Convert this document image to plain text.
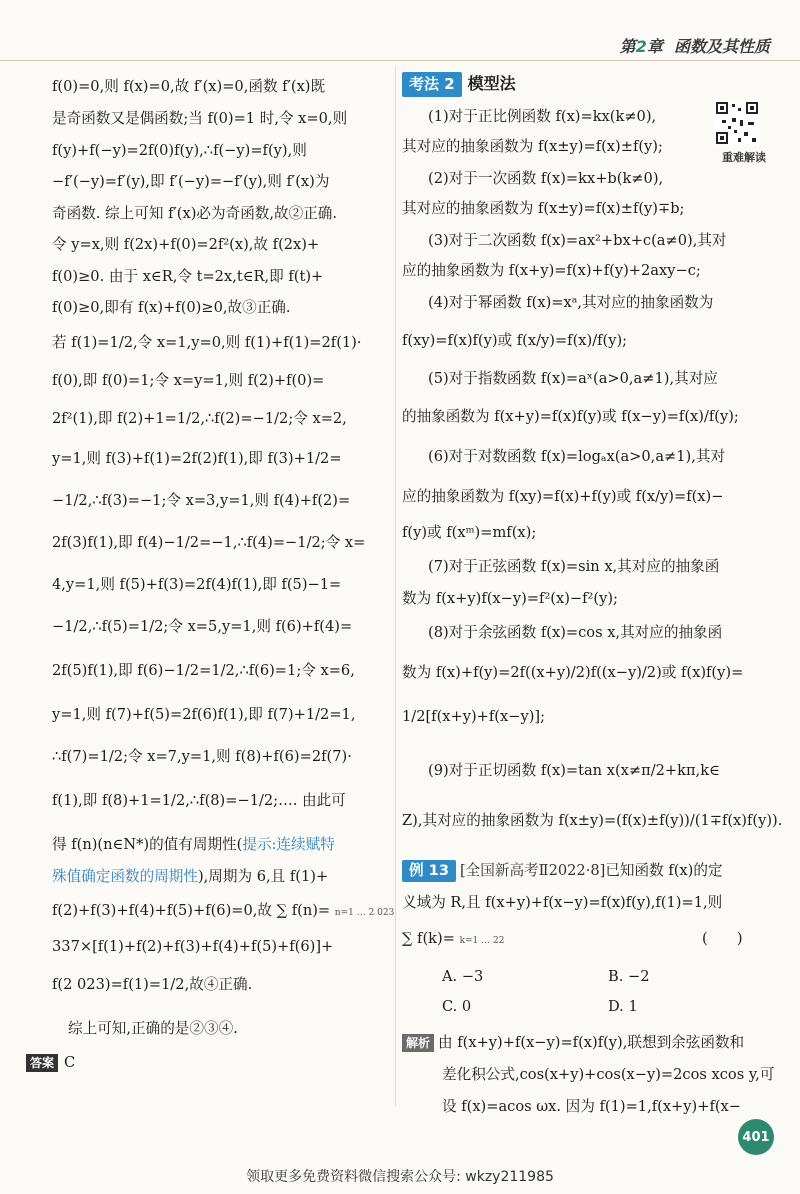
第2章 函数及其性质

f(0)=0,则 f(x)=0,故 f′(x)=0,函数 f′(x)既

是奇函数又是偶函数;当 f(0)=1 时,令 x=0,则

f(y)+f(−y)=2f(0)f(y),∴f(−y)=f(y),则

−f′(−y)=f′(y),即 f′(−y)=−f′(y),则 f′(x)为

奇函数. 综上可知 f′(x)必为奇函数,故②正确.

令 y=x,则 f(2x)+f(0)=2f²(x),故 f(2x)+

f(0)≥0. 由于 x∈R,令 t=2x,t∈R,即 f(t)+

f(0)≥0,即有 f(x)+f(0)≥0,故③正确.

若 f(1)=1/2,令 x=1,y=0,则 f(1)+f(1)=2f(1)·

f(0),即 f(0)=1;令 x=y=1,则 f(2)+f(0)=

2f²(1),即 f(2)+1=1/2,∴f(2)=−1/2;令 x=2,

y=1,则 f(3)+f(1)=2f(2)f(1),即 f(3)+1/2=

−1/2,∴f(3)=−1;令 x=3,y=1,则 f(4)+f(2)=

2f(3)f(1),即 f(4)−1/2=−1,∴f(4)=−1/2;令 x=

4,y=1,则 f(5)+f(3)=2f(4)f(1),即 f(5)−1=

−1/2,∴f(5)=1/2;令 x=5,y=1,则 f(6)+f(4)=

2f(5)f(1),即 f(6)−1/2=1/2,∴f(6)=1;令 x=6,

y=1,则 f(7)+f(5)=2f(6)f(1),即 f(7)+1/2=1,

∴f(7)=1/2;令 x=7,y=1,则 f(8)+f(6)=2f(7)·

f(1),即 f(8)+1=1/2,∴f(8)=−1/2;…. 由此可

得 f(n)(n∈N*)的值有周期性(提示:连续赋特

殊值确定函数的周期性),周期为 6,且 f(1)+

f(2)+f(3)+f(4)+f(5)+f(6)=0,故 ∑ f(n)= n=1 … 2 023

337×[f(1)+f(2)+f(3)+f(4)+f(5)+f(6)]+

f(2 023)=f(1)=1/2,故④正确.

综上可知,正确的是②③④.

答案 C

考法 2 模型法
重难解读

(1)对于正比例函数 f(x)=kx(k≠0),

其对应的抽象函数为 f(x±y)=f(x)±f(y);

(2)对于一次函数 f(x)=kx+b(k≠0),

其对应的抽象函数为 f(x±y)=f(x)±f(y)∓b;

(3)对于二次函数 f(x)=ax²+bx+c(a≠0),其对

应的抽象函数为 f(x+y)=f(x)+f(y)+2axy−c;

(4)对于幂函数 f(x)=xᵃ,其对应的抽象函数为

f(xy)=f(x)f(y)或 f(x/y)=f(x)/f(y);

(5)对于指数函数 f(x)=aˣ(a>0,a≠1),其对应

的抽象函数为 f(x+y)=f(x)f(y)或 f(x−y)=f(x)/f(y);

(6)对于对数函数 f(x)=logₐx(a>0,a≠1),其对

应的抽象函数为 f(xy)=f(x)+f(y)或 f(x/y)=f(x)−

f(y)或 f(xᵐ)=mf(x);

(7)对于正弦函数 f(x)=sin x,其对应的抽象函

数为 f(x+y)f(x−y)=f²(x)−f²(y);

(8)对于余弦函数 f(x)=cos x,其对应的抽象函

数为 f(x)+f(y)=2f((x+y)/2)f((x−y)/2)或 f(x)f(y)=

1/2[f(x+y)+f(x−y)];

(9)对于正切函数 f(x)=tan x(x≠π/2+kπ,k∈

Z),其对应的抽象函数为 f(x±y)=(f(x)±f(y))/(1∓f(x)f(y)).

例 13 [全国新高考Ⅱ2022·8]已知函数 f(x)的定

义域为 R,且 f(x+y)+f(x−y)=f(x)f(y),f(1)=1,则

∑ f(k)= k=1 … 22	(　　)

A. −3	B. −2

C. 0	D. 1

解析 由 f(x+y)+f(x−y)=f(x)f(y),联想到余弦函数和

差化积公式,cos(x+y)+cos(x−y)=2cos xcos y,可

设 f(x)=acos ωx. 因为 f(1)=1,f(x+y)+f(x−

401
领取更多免费资料微信搜索公众号: wkzy211985
